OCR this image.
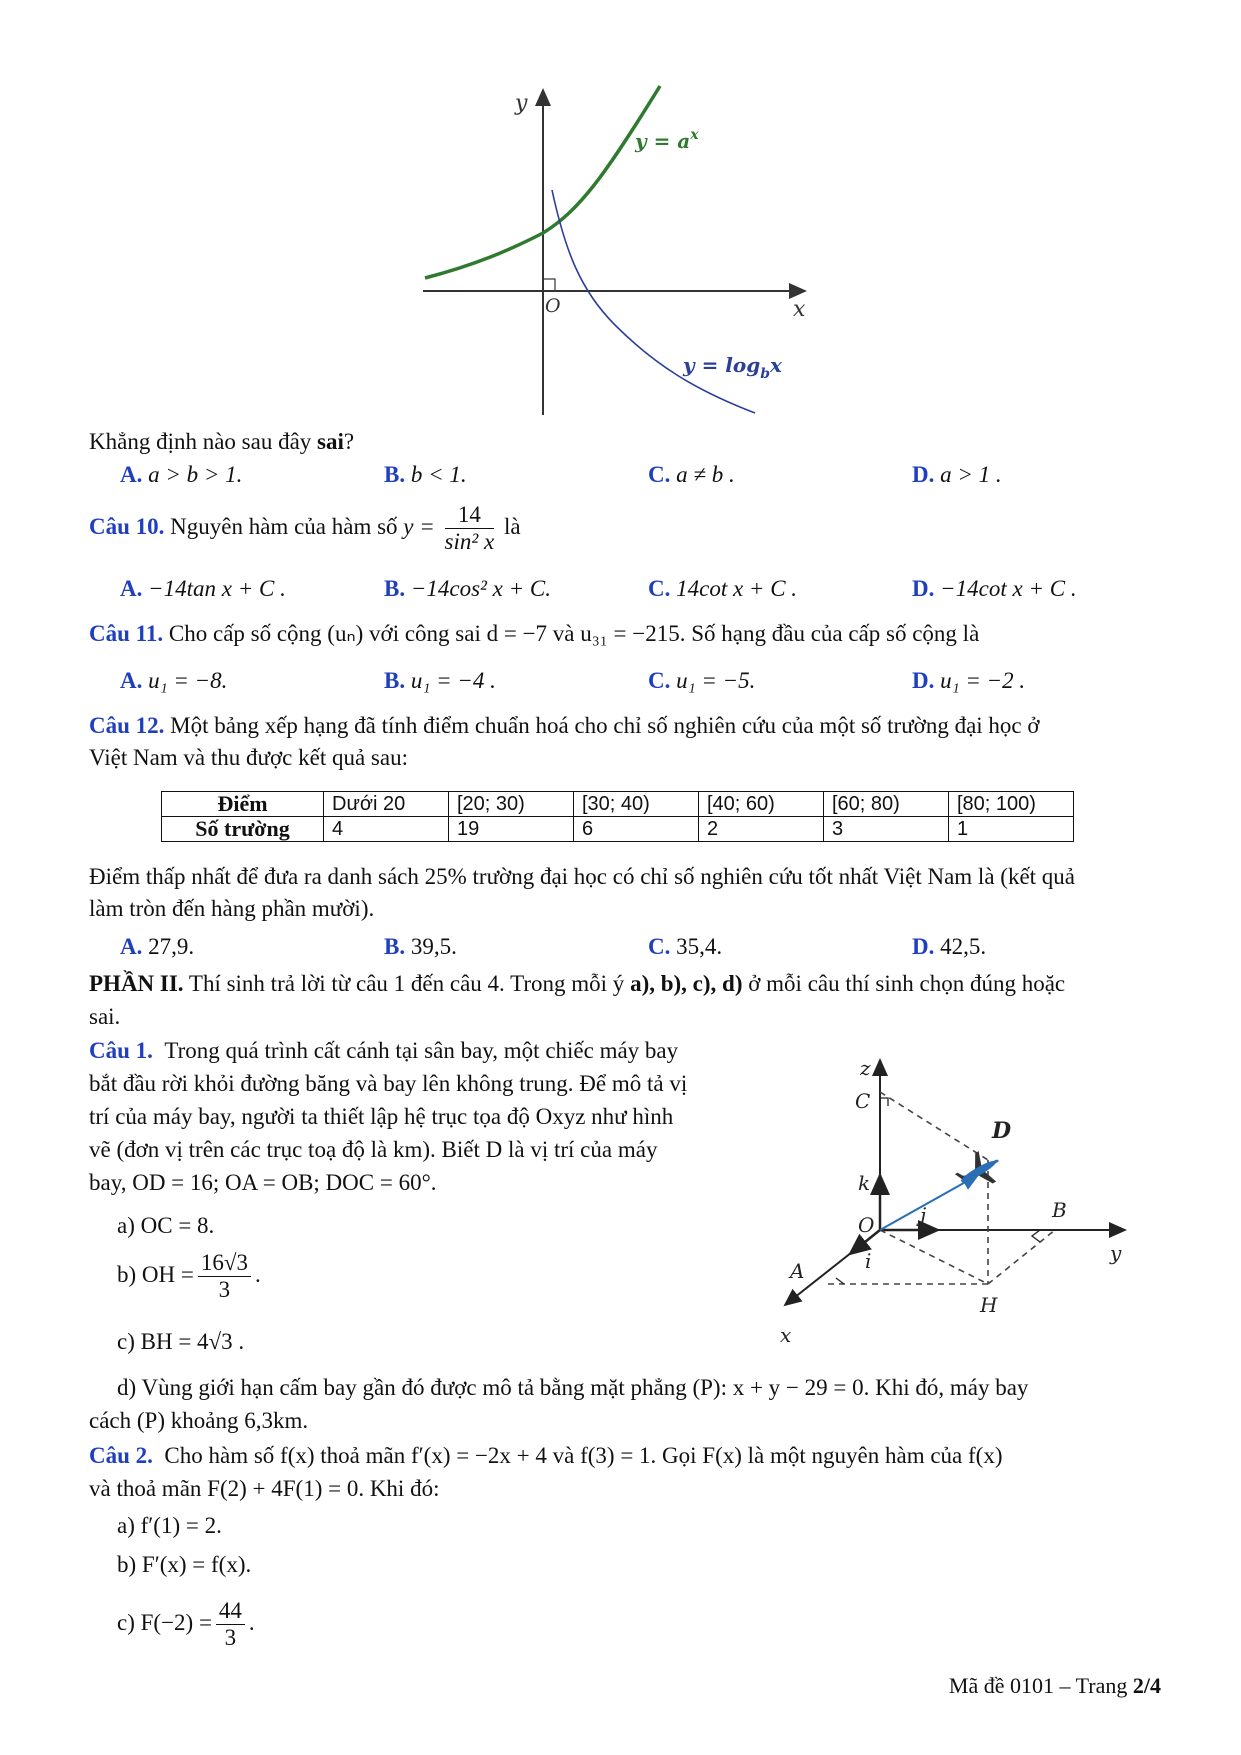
y
x
O
$y = a^x$
$y = \log_bx$
Khẳng định nào sau đây sai?
A. a > b > 1.	B. b < 1.	C. a ≠ b .	D. a > 1 .
Câu 10. Nguyên hàm của hàm số $y = \frac{14}{\text{sin² x}}$ là
A. −14tan x + C .	B. −14cos² x + C.	C. 14cot x + C .	D. −14cot x + C .
Câu 11. Cho cấp số cộng (uₙ) với công sai d = −7 và u₃₁ = −215. Số hạng đầu của cấp số cộng là
A. u₁ = −8.	B. u₁ = −4 .	C. u₁ = −5.	D. u₁ = −2 .
Câu 12. Một bảng xếp hạng đã tính điểm chuẩn hoá cho chỉ số nghiên cứu của một số trường đại học ở
Việt Nam và thu được kết quả sau:
Điểm	Dưới 20	[20; 30)	[30; 40)	[40; 60)	[60; 80)	[80; 100)
Số trường	4	19	6	2	3	1
Điểm thấp nhất để đưa ra danh sách 25% trường đại học có chỉ số nghiên cứu tốt nhất Việt Nam là (kết quả
làm tròn đến hàng phần mười).
A. 27,9.	B. 39,5.	C. 35,4.	D. 42,5.
PHẦN II. Thí sinh trả lời từ câu 1 đến câu 4. Trong mỗi ý a), b), c), d) ở mỗi câu thí sinh chọn đúng hoặc
sai.
Câu 1. Trong quá trình cất cánh tại sân bay, một chiếc máy bay
bắt đầu rời khỏi đường băng và bay lên không trung. Để mô tả vị
trí của máy bay, người ta thiết lập hệ trục tọa độ Oxyz như hình
vẽ (đơn vị trên các trục toạ độ là km). Biết D là vị trí của máy
bay, OD = 16; OA = OB; DOC = 60°.
a) OC = 8.
b) OH = $\frac{16√3}{3}$ .
c) BH = 4√3 .
d) Vùng giới hạn cấm bay gần đó được mô tả bằng mặt phẳng (P): x + y − 29 = 0. Khi đó, máy bay
cách (P) khoảng 6,3km.
z
C
k
O j	B
y
i
A
H
x
D
Câu 2. Cho hàm số f(x) thoả mãn f′(x) = −2x + 4 và f(3) = 1. Gọi F(x) là một nguyên hàm của f(x)
và thoả mãn F(2) + 4F(1) = 0. Khi đó:
a) f′(1) = 2.
b) F′(x) = f(x).
c) $F(-2) = \frac{44}{3}$ .
Mã đề 0101 – Trang 2/4
